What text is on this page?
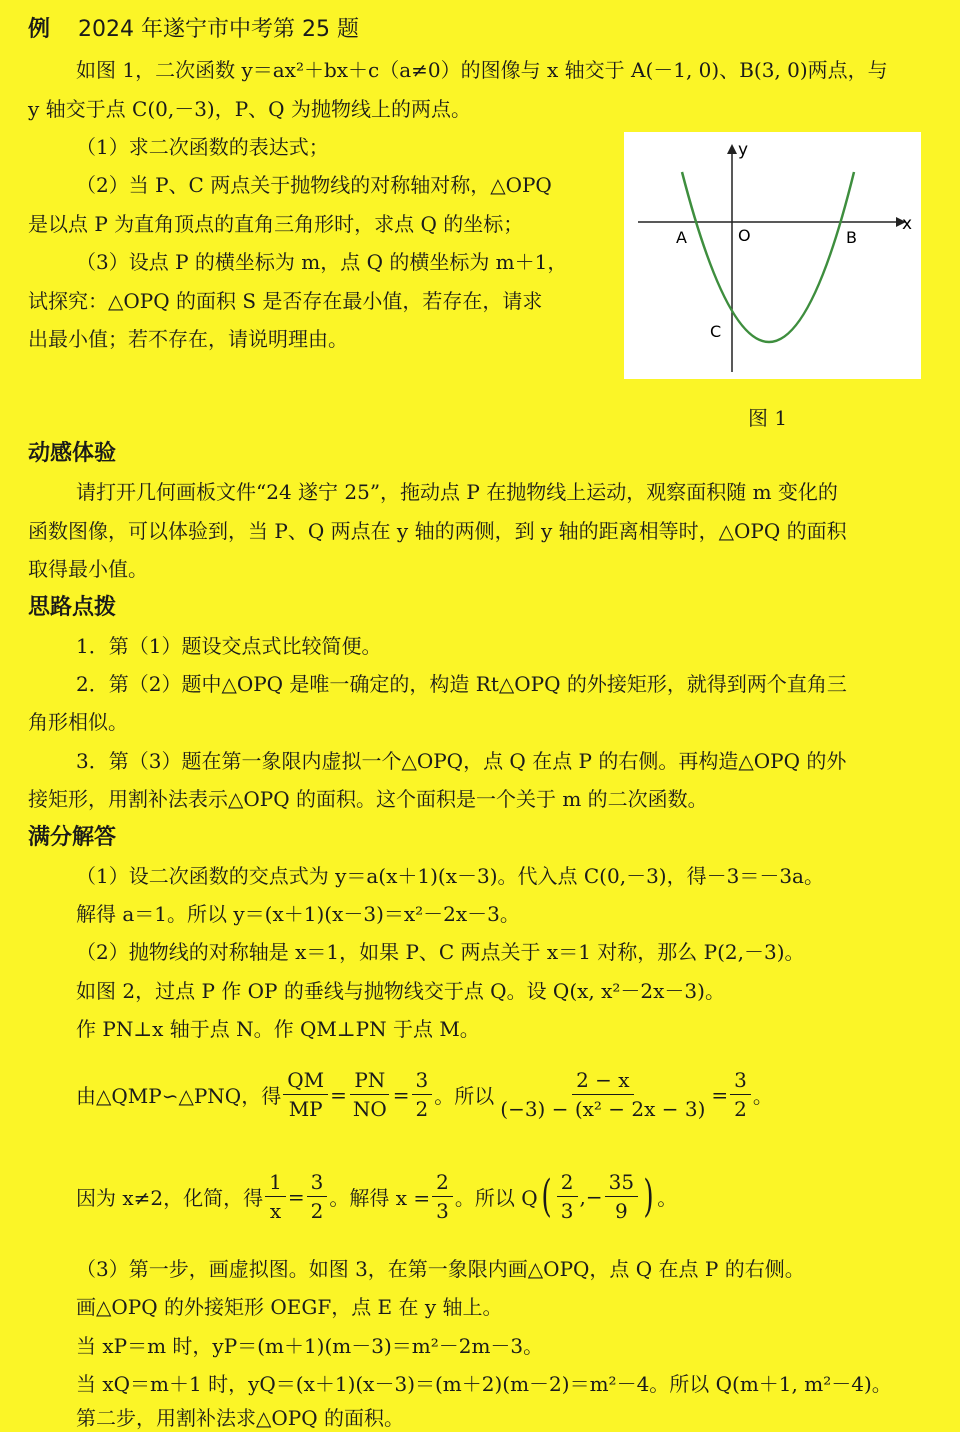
例 2024 年遂宁市中考第 25 题
如图 1，二次函数 y＝ax²＋bx＋c（a≠0）的图像与 x 轴交于 A(－1, 0)、B(3, 0)两点，与
y 轴交于点 C(0,－3)，P、Q 为抛物线上的两点。
（1）求二次函数的表达式；
（2）当 P、C 两点关于抛物线的对称轴对称，△OPQ
是以点 P 为直角顶点的直角三角形时，求点 Q 的坐标；
（3）设点 P 的横坐标为 m，点 Q 的横坐标为 m＋1，
试探究：△OPQ 的面积 S 是否存在最小值，若存在，请求
出最小值；若不存在，请说明理由。
x
y
A	O	B
C
图 1
动感体验
请打开几何画板文件“24 遂宁 25”，拖动点 P 在抛物线上运动，观察面积随 m 变化的
函数图像，可以体验到，当 P、Q 两点在 y 轴的两侧，到 y 轴的距离相等时，△OPQ 的面积
取得最小值。
思路点拨
1．第（1）题设交点式比较简便。
2．第（2）题中△OPQ 是唯一确定的，构造 Rt△OPQ 的外接矩形，就得到两个直角三
角形相似。
3．第（3）题在第一象限内虚拟一个△OPQ，点 Q 在点 P 的右侧。再构造△OPQ 的外
接矩形，用割补法表示△OPQ 的面积。这个面积是一个关于 m 的二次函数。
满分解答
（1）设二次函数的交点式为 y＝a(x＋1)(x－3)。代入点 C(0,－3)，得－3＝－3a。
解得 a＝1。所以 y＝(x＋1)(x－3)＝x²－2x－3。
（2）抛物线的对称轴是 x＝1，如果 P、C 两点关于 x＝1 对称，那么 P(2,－3)。
如图 2，过点 P 作 OP 的垂线与抛物线交于点 Q。设 Q(x, x²－2x－3)。
作 PN⊥x 轴于点 N。作 QM⊥PN 于点 M。
由△QMP∽△PNQ，得 $\frac{QM}{MP} = \frac{PN}{NO} = \frac{3}{2}$ 。所以 $\frac{2 - x}{\text{(−3) − (x² − 2x − 3)}} = \frac{3}{2}$ 。
因为 x≠2，化简，得 $\frac{1}{x} = \frac{3}{2}$ 。解得 $x = \frac{2}{3}$ 。所以 Q ( $\frac{2}{3}$ ,− $\frac{35}{9}$ ) 。
（3）第一步，画虚拟图。如图 3，在第一象限内画△OPQ，点 Q 在点 P 的右侧。
画△OPQ 的外接矩形 OEGF，点 E 在 y 轴上。
当 xP＝m 时，yP＝(m＋1)(m－3)＝m²－2m－3。
当 xQ＝m＋1 时，yQ＝(x＋1)(x－3)＝(m＋2)(m－2)＝m²－4。所以 Q(m＋1, m²－4)。
第二步，用割补法求△OPQ 的面积。
